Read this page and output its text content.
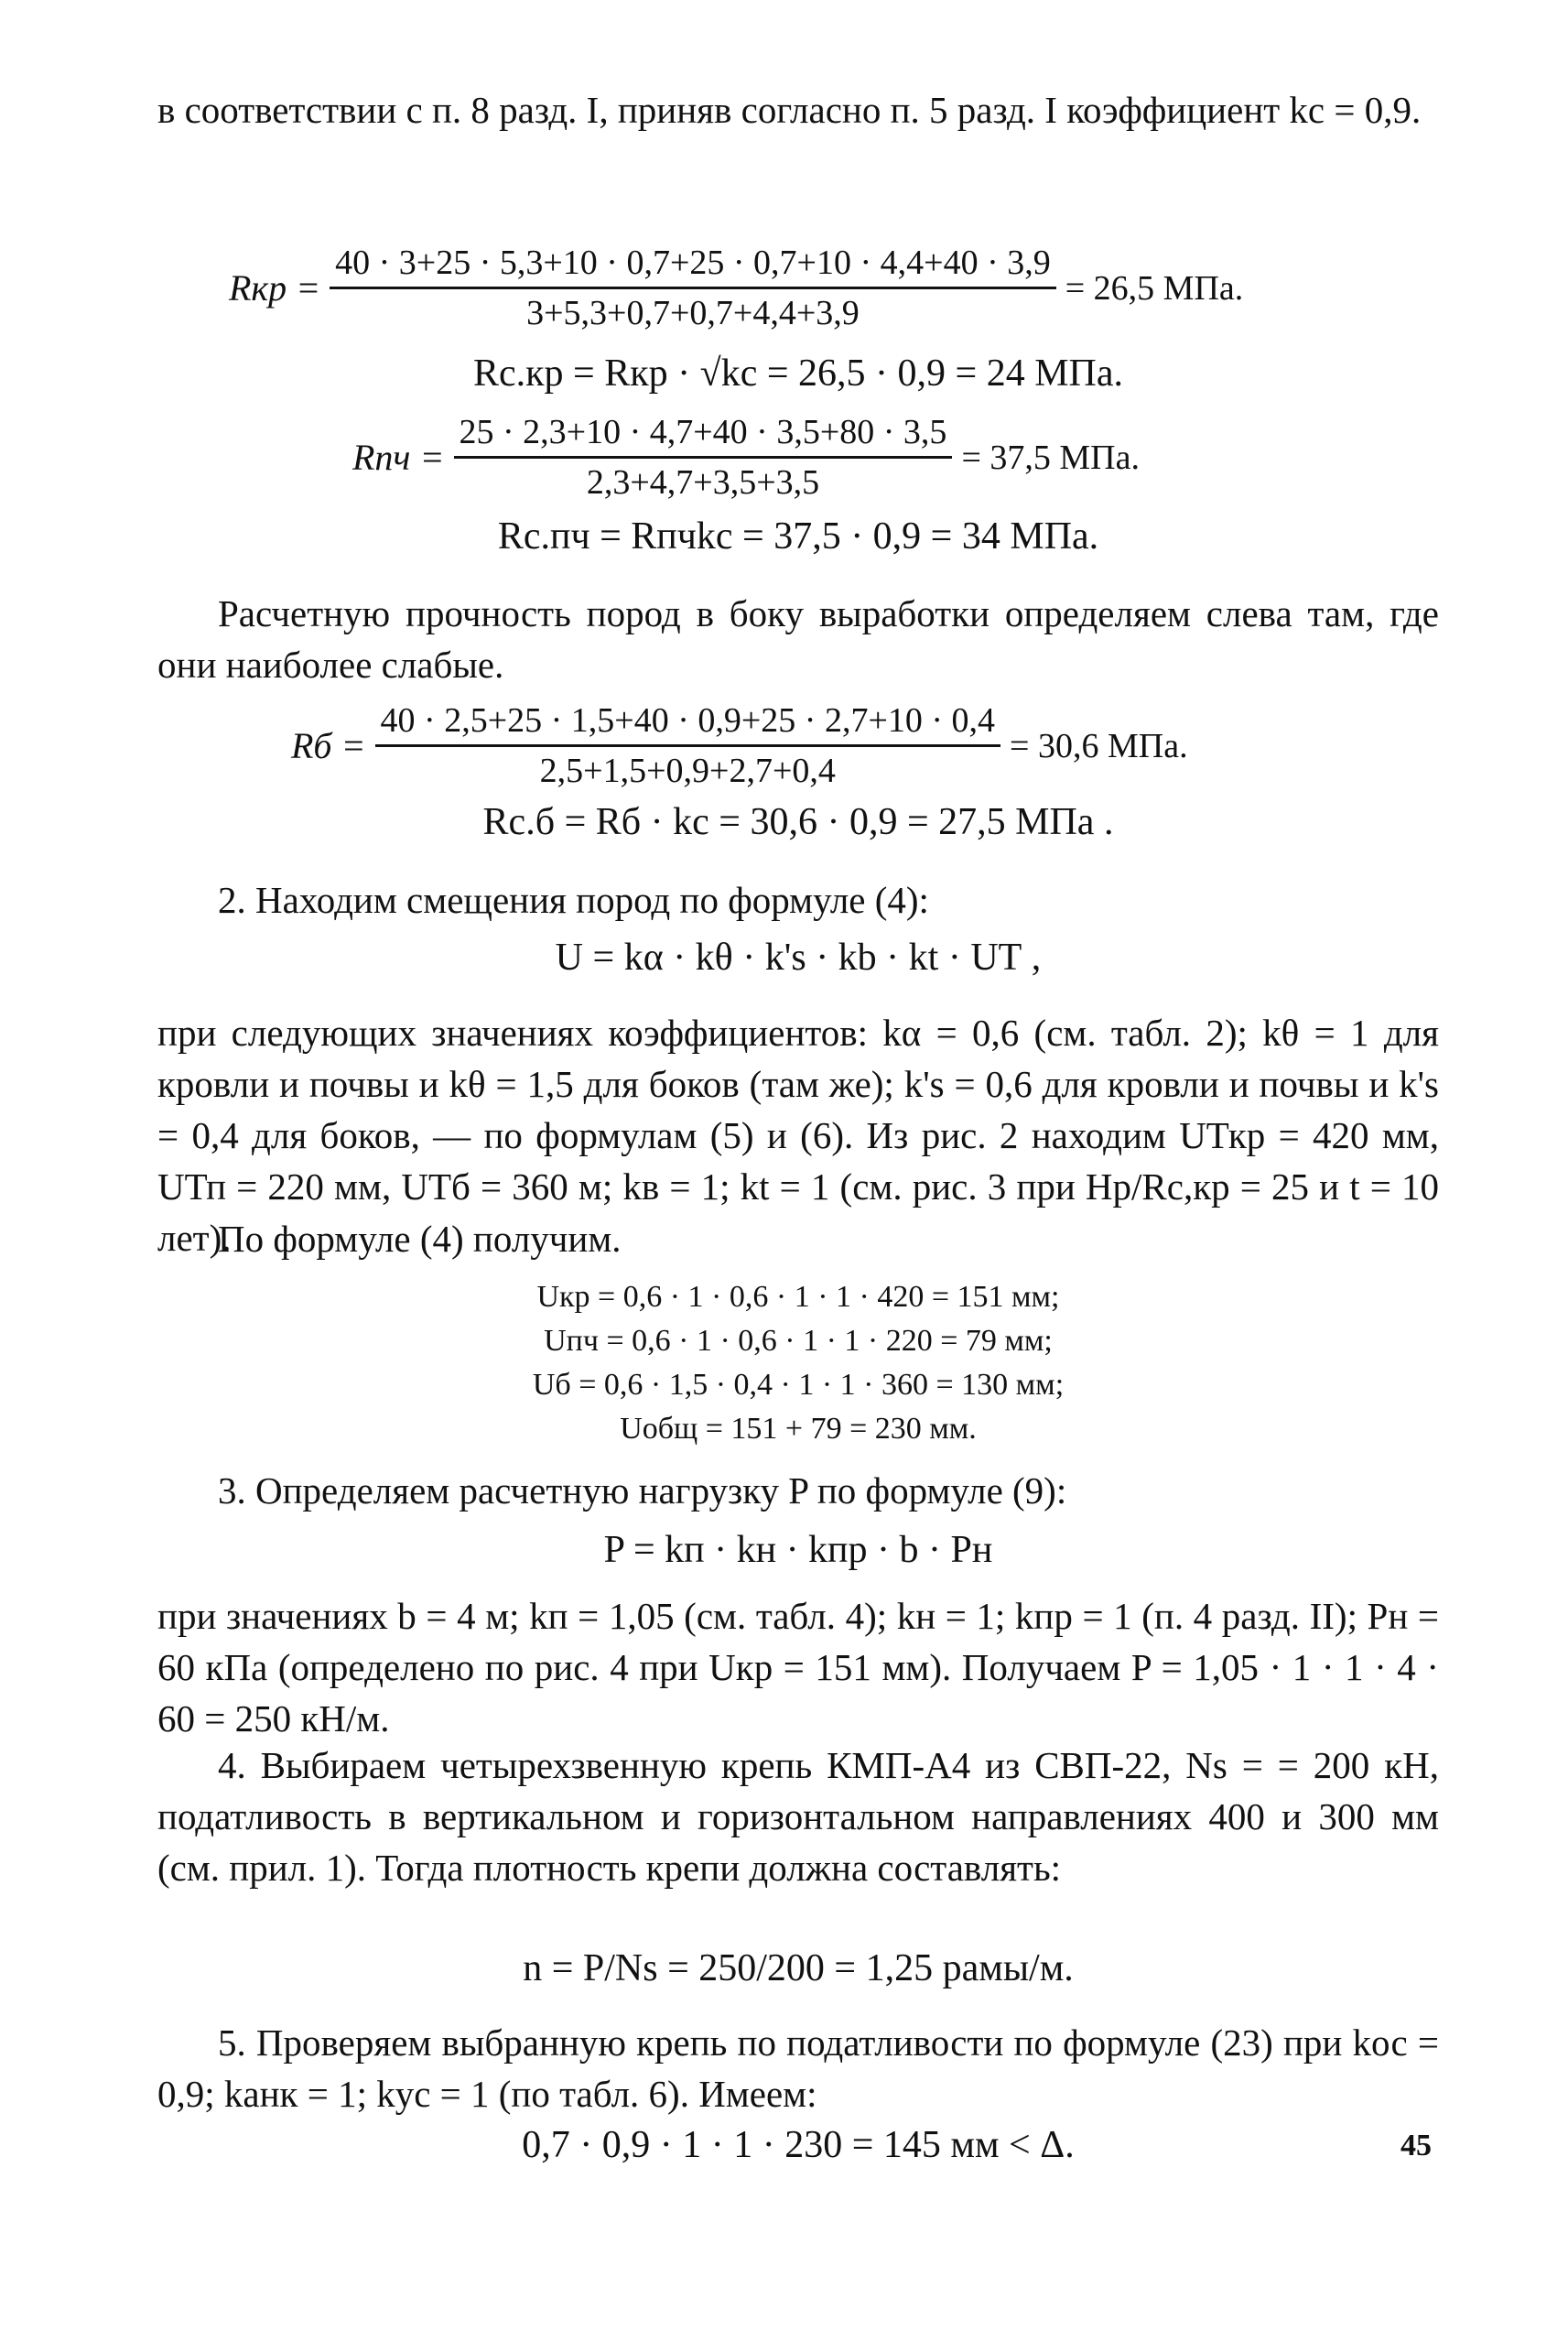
в соответствии с п. 8 разд. I, приняв согласно п. 5 разд. I коэффициент kс = 0,9.
Rкр = $\frac{40 \cdot 3+25 \cdot 5,3+10 \cdot 0,7+25 \cdot 0,7+10 \cdot 4,4+40 \cdot 3,9}{3+5,3+0,7+0,7+4,4+3,9} = 26,5$ МПа.
Rс.кр = Rкр · √kс = 26,5 · 0,9 = 24 МПа.
Rпч = $\frac{25 \cdot 2,3+10 \cdot 4,7+40 \cdot 3,5+80 \cdot 3,5}{2,3+4,7+3,5+3,5} = 37,5$ МПа.
Rс.пч = Rпчkс = 37,5 · 0,9 = 34 МПа.
Расчетную прочность пород в боку выработки определяем слева там, где они наиболее слабые.
Rб = $\frac{40 \cdot 2,5+25 \cdot 1,5+40 \cdot 0,9+25 \cdot 2,7+10 \cdot 0,4}{2,5+1,5+0,9+2,7+0,4} = 30,6$ МПа.
Rс.б = Rб · kс = 30,6 · 0,9 = 27,5 МПа .
2. Находим смещения пород по формуле (4):
U = kα · kθ · k's · kb · kt · UТ ,
при следующих значениях коэффициентов: kα = 0,6 (см. табл. 2); kθ = 1 для кровли и почвы и kθ = 1,5 для боков (там же); k's = 0,6 для кровли и почвы и k's = 0,4 для боков, — по формулам (5) и (6). Из рис. 2 находим UТкр = 420 мм, UТп = 220 мм, UТб = 360 м; kв = 1; kt = 1 (см. рис. 3 при Hр/Rс,кр = 25 и t = 10 лет).
По формуле (4) получим.
Uкр = 0,6 · 1 · 0,6 · 1 · 1 · 420 = 151 мм;
Uпч = 0,6 · 1 · 0,6 · 1 · 1 · 220 = 79 мм;
Uб = 0,6 · 1,5 · 0,4 · 1 · 1 · 360 = 130 мм;
Uобщ = 151 + 79 = 230 мм.
3. Определяем расчетную нагрузку P по формуле (9):
P = kп · kн · kпр · b · Pн
при значениях b = 4 м; kп = 1,05 (см. табл. 4); kн = 1; kпр = 1 (п. 4 разд. II); Pн = 60 кПа (определено по рис. 4 при Uкр = 151 мм). Получаем P = 1,05 · 1 · 1 · 4 · 60 = 250 кН/м.
4. Выбираем четырехзвенную крепь КМП-А4 из СВП-22, Ns = = 200 кН, податливость в вертикальном и горизонтальном направлениях 400 и 300 мм (см. прил. 1). Тогда плотность крепи должна составлять:
n = P/Ns = 250/200 = 1,25 рамы/м.
5. Проверяем выбранную крепь по податливости по формуле (23) при kос = 0,9; kанк = 1; kус = 1 (по табл. 6). Имеем:
0,7 · 0,9 · 1 · 1 · 230 = 145 мм < Δ.	45
